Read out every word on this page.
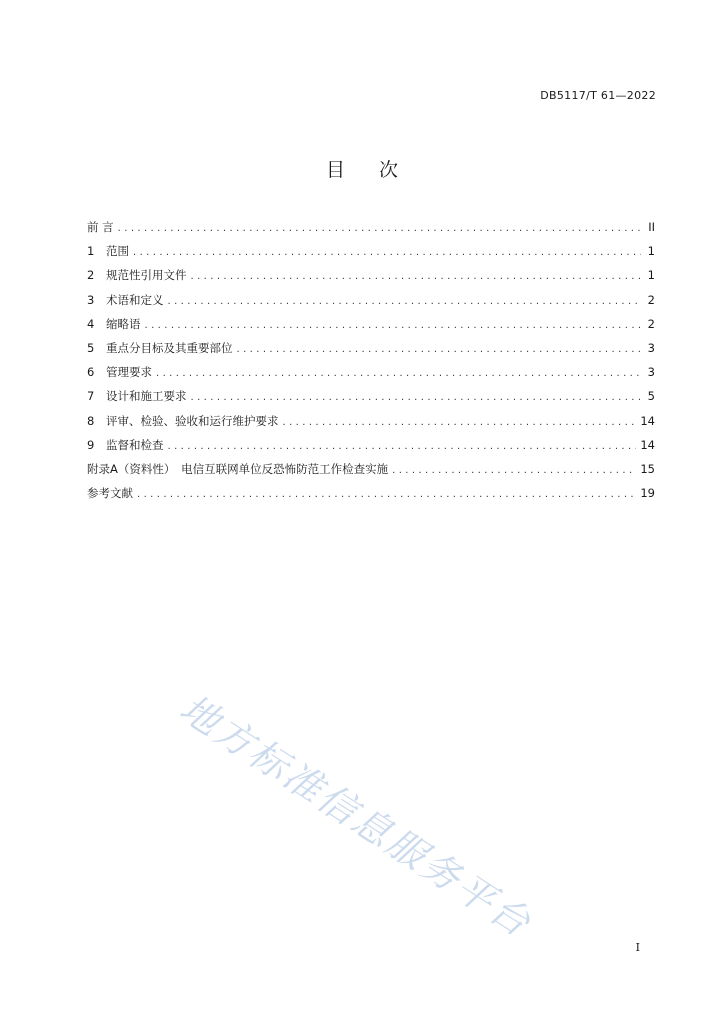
DB5117/T 61—2022
目次
前 言 .....	II
1	范围 .....	1
2	规范性引用文件 .....	1
3	术语和定义 .....	2
4	缩略语 .....	2
5	重点分目标及其重要部位 .....	3
6	管理要求 .....	3
7	设计和施工要求 .....	5
8	评审、检验、验收和运行维护要求 .....	14
9	监督和检查 .....	14
附录A（资料性）　电信互联网单位反恐怖防范工作检查实施 .....	15
参考文献 .....	19
地方标准信息服务平台
I
